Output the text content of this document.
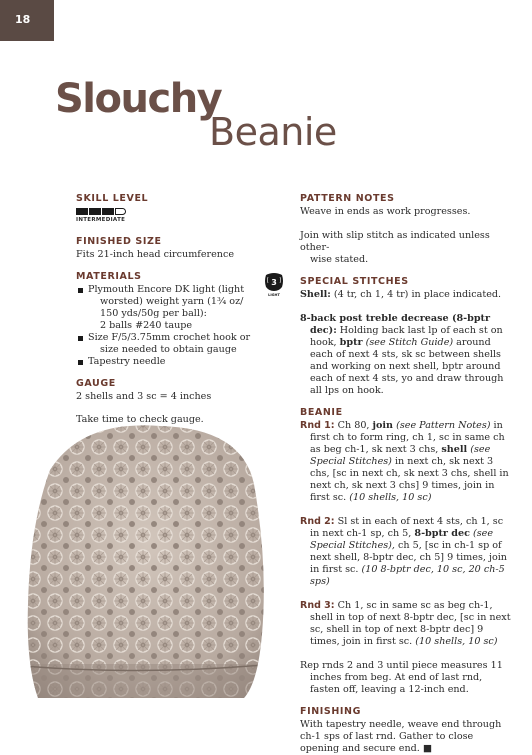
18
Slouchy
Beanie
SKILL LEVEL
INTERMEDIATE
FINISHED SIZE
Fits 21-inch head circumference
MATERIALS
Plymouth Encore DK light (light
worsted) weight yarn (1¾ oz/
150 yds/50g per ball):
2 balls #240 taupe
Size F/5/3.75mm crochet hook or
size needed to obtain gauge
Tapestry needle
GAUGE
2 shells and 3 sc = 4 inches
Take time to check gauge.
3
LIGHT
PATTERN NOTES
Weave in ends as work progresses.
Join with slip stitch as indicated unless other-
wise stated.
SPECIAL STITCHES
Shell: (4 tr, ch 1, 4 tr) in place indicated.
8-back post treble decrease (8-bptr dec): Holding back last lp of each st on hook, bptr (see Stitch Guide) around each of next 4 sts, sk sc between shells and working on next shell, bptr around each of next 4 sts, yo and draw through all lps on hook.
BEANIE
Rnd 1: Ch 80, join (see Pattern Notes) in first ch to form ring, ch 1, sc in same ch as beg ch-1, sk next 3 chs, shell (see Special Stitches) in next ch, sk next 3 chs, [sc in next ch, sk next 3 chs, shell in next ch, sk next 3 chs] 9 times, join in first sc. (10 shells, 10 sc)
Rnd 2: Sl st in each of next 4 sts, ch 1, sc in next ch-1 sp, ch 5, 8-bptr dec (see Special Stitches), ch 5, [sc in ch-1 sp of next shell, 8-bptr dec, ch 5] 9 times, join in first sc. (10 8-bptr dec, 10 sc, 20 ch-5 sps)
Rnd 3: Ch 1, sc in same sc as beg ch-1, shell in top of next 8-bptr dec, [sc in next sc, shell in top of next 8-bptr dec] 9 times, join in first sc. (10 shells, 10 sc)
Rep rnds 2 and 3 until piece measures 11 inches from beg. At end of last rnd, fasten off, leaving a 12-inch end.
FINISHING
With tapestry needle, weave end through ch-1 sps of last rnd. Gather to close opening and secure end. ■
